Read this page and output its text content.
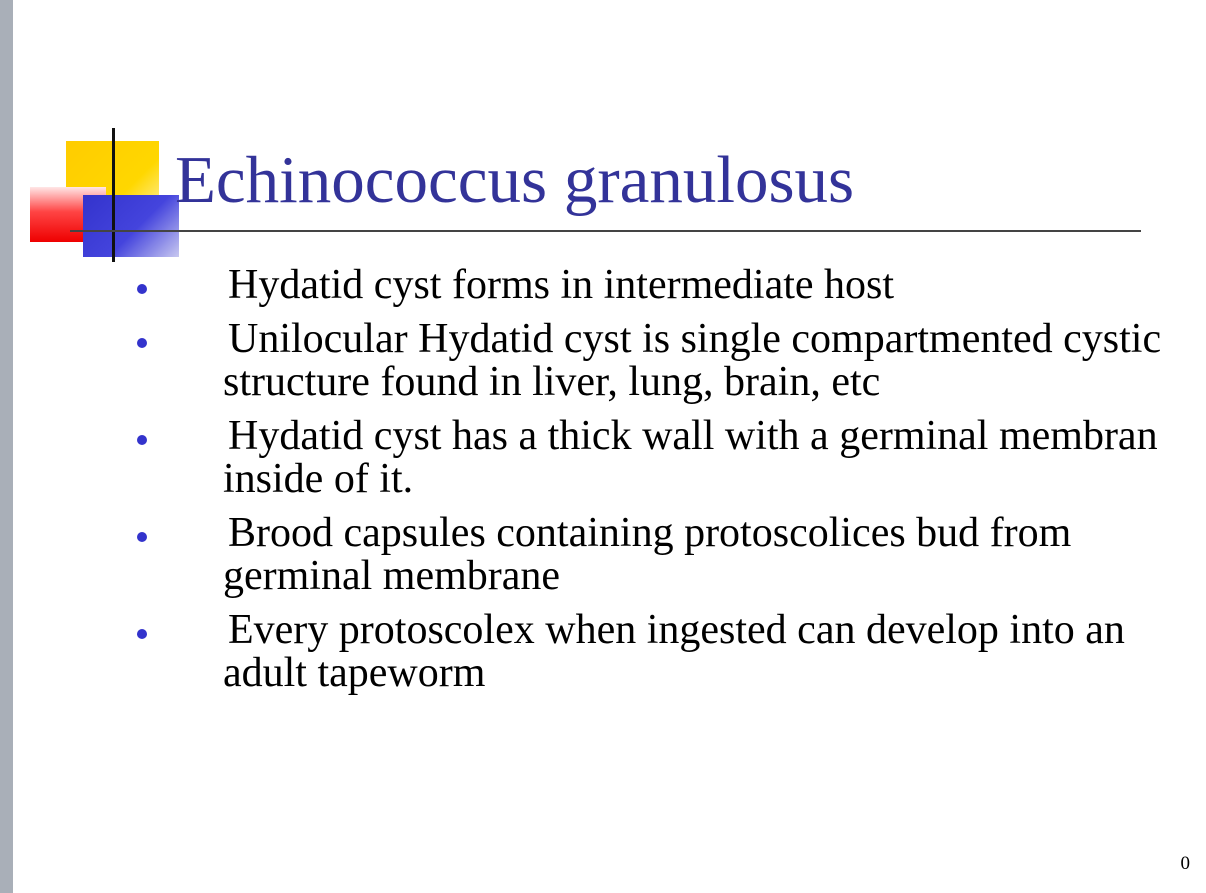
Echinococcus granulosus
Hydatid cyst forms in intermediate host
Unilocular Hydatid cyst is single compartmented cystic structure found in liver, lung, brain, etc
Hydatid cyst has a thick wall with a germinal membran inside of it.
Brood capsules containing protoscolices bud from germinal membrane
Every protoscolex when ingested can develop into an adult tapeworm
0
